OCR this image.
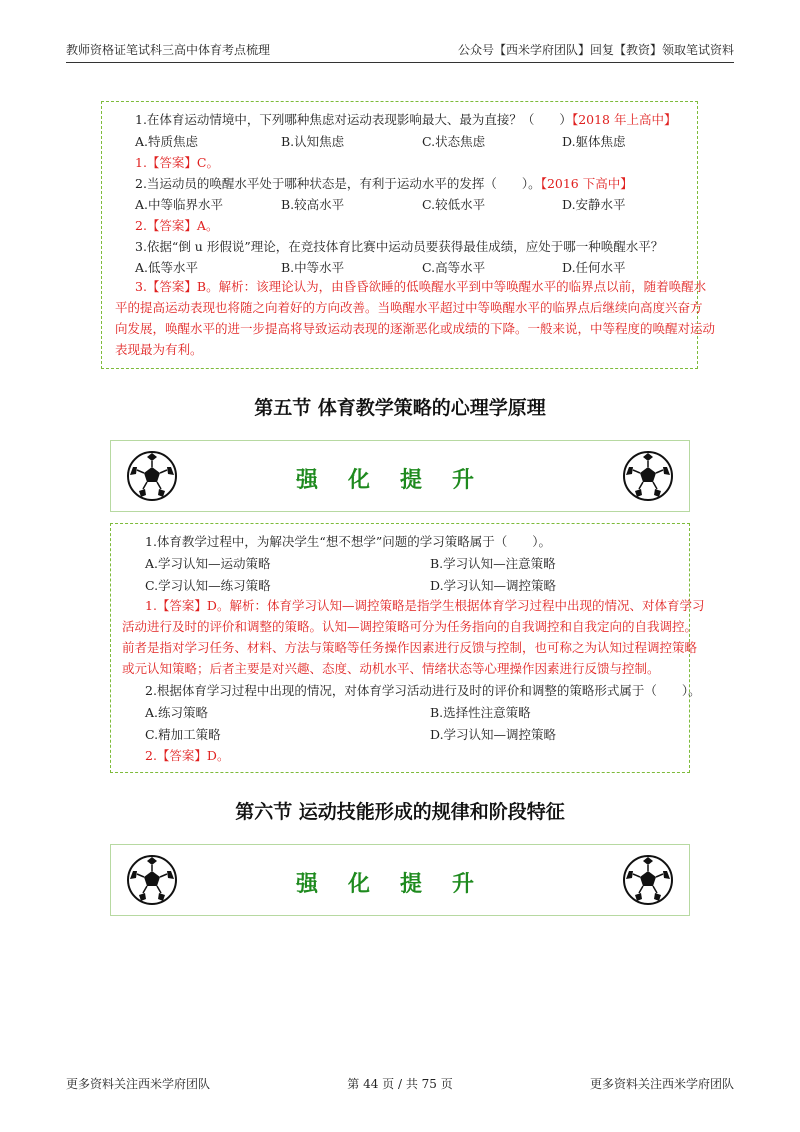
教师资格证笔试科三高中体育考点梳理	公众号【西米学府团队】回复【教资】领取笔试资料
1.在体育运动情境中，下列哪种焦虑对运动表现影响最大、最为直接？（　　）【2018 年上高中】
A.特质焦虑	B.认知焦虑	C.状态焦虑	D.躯体焦虑
1.【答案】C。
2.当运动员的唤醒水平处于哪种状态是，有利于运动水平的发挥（　　）。【2016 下高中】
A.中等临界水平	B.较高水平	C.较低水平	D.安静水平
2.【答案】A。
3.依据“倒 u 形假说”理论，在竞技体育比赛中运动员要获得最佳成绩，应处于哪一种唤醒水平？
A.低等水平	B.中等水平	C.高等水平	D.任何水平
3.【答案】B。解析：该理论认为，由昏昏欲睡的低唤醒水平到中等唤醒水平的临界点以前，随着唤醒水
平的提高运动表现也将随之向着好的方向改善。当唤醒水平超过中等唤醒水平的临界点后继续向高度兴奋方
向发展，唤醒水平的进一步提高将导致运动表现的逐渐恶化或成绩的下降。一般来说，中等程度的唤醒对运动
表现最为有利。
第五节 体育教学策略的心理学原理
强化提升
1.体育教学过程中，为解决学生“想不想学”问题的学习策略属于（　　）。
A.学习认知—运动策略	B.学习认知—注意策略
C.学习认知—练习策略	D.学习认知—调控策略
1.【答案】D。解析：体育学习认知—调控策略是指学生根据体育学习过程中出现的情况、对体育学习
活动进行及时的评价和调整的策略。认知—调控策略可分为任务指向的自我调控和自我定向的自我调控。
前者是指对学习任务、材料、方法与策略等任务操作因素进行反馈与控制，也可称之为认知过程调控策略
或元认知策略；后者主要是对兴趣、态度、动机水平、情绪状态等心理操作因素进行反馈与控制。
2.根据体育学习过程中出现的情况，对体育学习活动进行及时的评价和调整的策略形式属于（　　）。
A.练习策略	B.选择性注意策略
C.精加工策略	D.学习认知—调控策略
2.【答案】D。
第六节 运动技能形成的规律和阶段特征
强化提升
更多资料关注西米学府团队	第 44 页 / 共 75 页	更多资料关注西米学府团队
